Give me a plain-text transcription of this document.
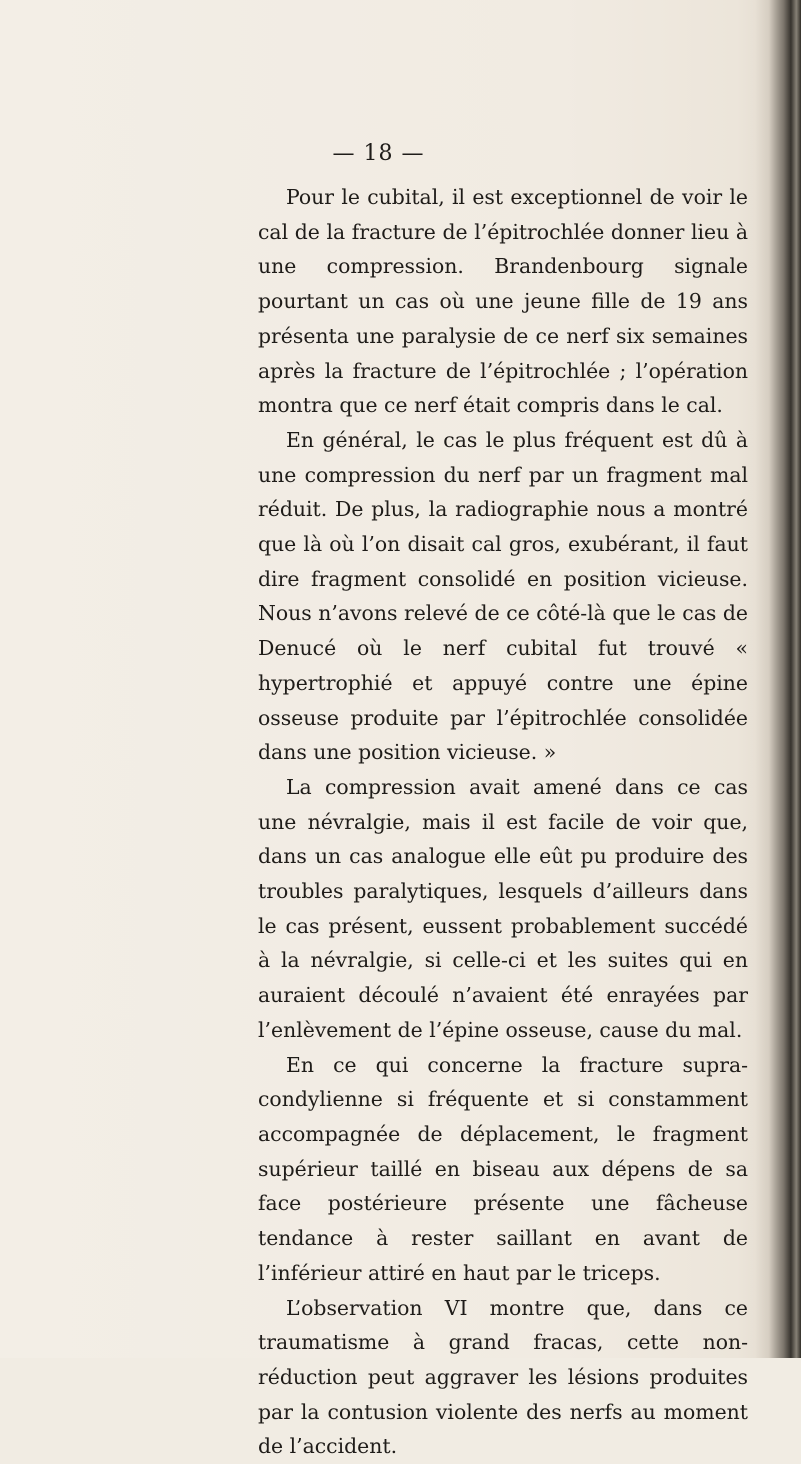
— 18 —

Pour le cubital, il est exceptionnel de voir le cal de la fracture de l’épitrochlée donner lieu à une compression. Brandenbourg signale pourtant un cas où une jeune fille de 19 ans présenta une paralysie de ce nerf six semaines après la fracture de l’épitrochlée ; l’opération montra que ce nerf était compris dans le cal.

En général, le cas le plus fréquent est dû à une compression du nerf par un fragment mal réduit. De plus, la radiographie nous a montré que là où l’on disait cal gros, exubérant, il faut dire fragment consolidé en position vicieuse. Nous n’avons relevé de ce côté-là que le cas de Denucé où le nerf cubital fut trouvé « hypertrophié et appuyé contre une épine osseuse produite par l’épitrochlée consolidée dans une position vicieuse. »

La compression avait amené dans ce cas une névralgie, mais il est facile de voir que, dans un cas analogue elle eût pu produire des troubles paralytiques, lesquels d’ailleurs dans le cas présent, eussent probablement succédé à la névralgie, si celle-ci et les suites qui en auraient découlé n’avaient été enrayées par l’enlèvement de l’épine osseuse, cause du mal.

En ce qui concerne la fracture supra-condylienne si fréquente et si constamment accompagnée de déplacement, le fragment supérieur taillé en biseau aux dépens de sa face postérieure présente une fâcheuse tendance à rester saillant en avant de l’inférieur attiré en haut par le triceps.

L’observation VI montre que, dans ce traumatisme à grand fracas, cette non-réduction peut aggraver les lésions produites par la contusion violente des nerfs au moment de l’accident.
